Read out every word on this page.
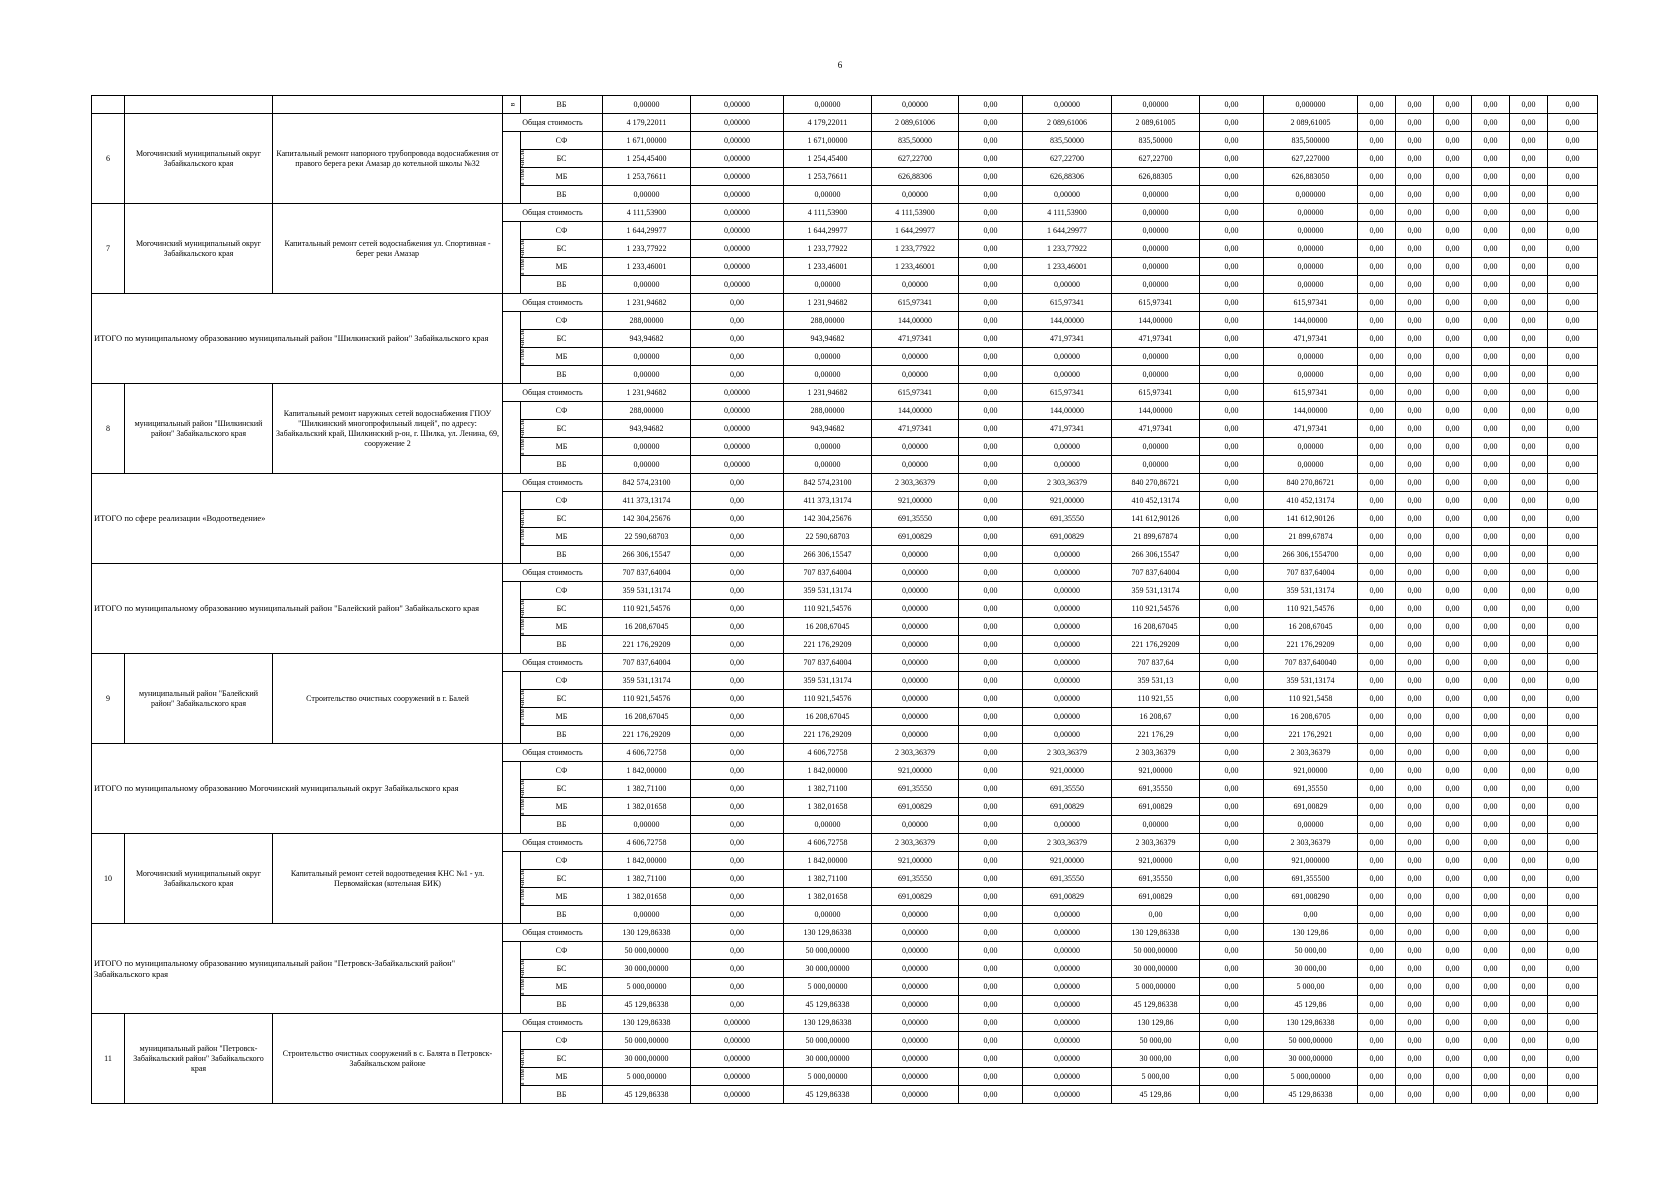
6
			в	ВБ	0,00000	0,00000	0,00000	0,00000	0,00	0,00000	0,00000	0,00	0,000000	0,00	0,00	0,00	0,00	0,00	0,00
6	Могочинский муниципальный округ Забайкальского края	Капитальный ремонт напорного трубопровода водоснабжения от правого берега реки Амазар до котельной школы №32	Общая стоимость		4 179,22011	0,00000	4 179,22011	2 089,61006	0,00	2 089,61006	2 089,61005	0,00	2 089,61005	0,00	0,00	0,00	0,00	0,00	0,00
			в том числе	СФ	1 671,00000	0,00000	1 671,00000	835,50000	0,00	835,50000	835,50000	0,00	835,500000	0,00	0,00	0,00	0,00	0,00	0,00
				БС	1 254,45400	0,00000	1 254,45400	627,22700	0,00	627,22700	627,22700	0,00	627,227000	0,00	0,00	0,00	0,00	0,00	0,00
				МБ	1 253,76611	0,00000	1 253,76611	626,88306	0,00	626,88306	626,88305	0,00	626,883050	0,00	0,00	0,00	0,00	0,00	0,00
				ВБ	0,00000	0,00000	0,00000	0,00000	0,00	0,00000	0,00000	0,00	0,000000	0,00	0,00	0,00	0,00	0,00	0,00
7	Могочинский муниципальный округ Забайкальского края	Капитальный ремонт сетей водоснабжения ул. Спортивная - берег реки Амазар	Общая стоимость		4 111,53900	0,00000	4 111,53900	4 111,53900	0,00	4 111,53900	0,00000	0,00	0,00000	0,00	0,00	0,00	0,00	0,00	0,00
			в том числе	СФ	1 644,29977	0,00000	1 644,29977	1 644,29977	0,00	1 644,29977	0,00000	0,00	0,00000	0,00	0,00	0,00	0,00	0,00	0,00
				БС	1 233,77922	0,00000	1 233,77922	1 233,77922	0,00	1 233,77922	0,00000	0,00	0,00000	0,00	0,00	0,00	0,00	0,00	0,00
				МБ	1 233,46001	0,00000	1 233,46001	1 233,46001	0,00	1 233,46001	0,00000	0,00	0,00000	0,00	0,00	0,00	0,00	0,00	0,00
				ВБ	0,00000	0,00000	0,00000	0,00000	0,00	0,00000	0,00000	0,00	0,00000	0,00	0,00	0,00	0,00	0,00	0,00
ИТОГО по муниципальному образованию муниципальный район "Шилкинский район" Забайкальского края			Общая стоимость		1 231,94682	0,00	1 231,94682	615,97341	0,00	615,97341	615,97341	0,00	615,97341	0,00	0,00	0,00	0,00	0,00	0,00
			в том числе	СФ	288,00000	0,00	288,00000	144,00000	0,00	144,00000	144,00000	0,00	144,00000	0,00	0,00	0,00	0,00	0,00	0,00
				БС	943,94682	0,00	943,94682	471,97341	0,00	471,97341	471,97341	0,00	471,97341	0,00	0,00	0,00	0,00	0,00	0,00
				МБ	0,00000	0,00	0,00000	0,00000	0,00	0,00000	0,00000	0,00	0,00000	0,00	0,00	0,00	0,00	0,00	0,00
				ВБ	0,00000	0,00	0,00000	0,00000	0,00	0,00000	0,00000	0,00	0,00000	0,00	0,00	0,00	0,00	0,00	0,00
8	муниципальный район "Шилкинский район" Забайкальского края	Капитальный ремонт наружных сетей водоснабжения ГПОУ "Шилкинский многопрофильный лицей", по адресу: Забайкальский край, Шилкинский р-он, г. Шилка, ул. Ленина, 69, сооружение 2	Общая стоимость		1 231,94682	0,00000	1 231,94682	615,97341	0,00	615,97341	615,97341	0,00	615,97341	0,00	0,00	0,00	0,00	0,00	0,00
			в том числе	СФ	288,00000	0,00000	288,00000	144,00000	0,00	144,00000	144,00000	0,00	144,00000	0,00	0,00	0,00	0,00	0,00	0,00
				БС	943,94682	0,00000	943,94682	471,97341	0,00	471,97341	471,97341	0,00	471,97341	0,00	0,00	0,00	0,00	0,00	0,00
				МБ	0,00000	0,00000	0,00000	0,00000	0,00	0,00000	0,00000	0,00	0,00000	0,00	0,00	0,00	0,00	0,00	0,00
				ВБ	0,00000	0,00000	0,00000	0,00000	0,00	0,00000	0,00000	0,00	0,00000	0,00	0,00	0,00	0,00	0,00	0,00
ИТОГО по сфере реализации «Водоотведение»			Общая стоимость		842 574,23100	0,00	842 574,23100	2 303,36379	0,00	2 303,36379	840 270,86721	0,00	840 270,86721	0,00	0,00	0,00	0,00	0,00	0,00
			в том числе	СФ	411 373,13174	0,00	411 373,13174	921,00000	0,00	921,00000	410 452,13174	0,00	410 452,13174	0,00	0,00	0,00	0,00	0,00	0,00
				БС	142 304,25676	0,00	142 304,25676	691,35550	0,00	691,35550	141 612,90126	0,00	141 612,90126	0,00	0,00	0,00	0,00	0,00	0,00
				МБ	22 590,68703	0,00	22 590,68703	691,00829	0,00	691,00829	21 899,67874	0,00	21 899,67874	0,00	0,00	0,00	0,00	0,00	0,00
				ВБ	266 306,15547	0,00	266 306,15547	0,00000	0,00	0,00000	266 306,15547	0,00	266 306,1554700	0,00	0,00	0,00	0,00	0,00	0,00
ИТОГО по муниципальному образованию муниципальный район "Балейский район" Забайкальского края			Общая стоимость		707 837,64004	0,00	707 837,64004	0,00000	0,00	0,00000	707 837,64004	0,00	707 837,64004	0,00	0,00	0,00	0,00	0,00	0,00
			в том числе	СФ	359 531,13174	0,00	359 531,13174	0,00000	0,00	0,00000	359 531,13174	0,00	359 531,13174	0,00	0,00	0,00	0,00	0,00	0,00
				БС	110 921,54576	0,00	110 921,54576	0,00000	0,00	0,00000	110 921,54576	0,00	110 921,54576	0,00	0,00	0,00	0,00	0,00	0,00
				МБ	16 208,67045	0,00	16 208,67045	0,00000	0,00	0,00000	16 208,67045	0,00	16 208,67045	0,00	0,00	0,00	0,00	0,00	0,00
				ВБ	221 176,29209	0,00	221 176,29209	0,00000	0,00	0,00000	221 176,29209	0,00	221 176,29209	0,00	0,00	0,00	0,00	0,00	0,00
9	муниципальный район "Балейский район" Забайкальского края	Строительство очистных сооружений в г. Балей	Общая стоимость		707 837,64004	0,00	707 837,64004	0,00000	0,00	0,00000	707 837,64	0,00	707 837,640040	0,00	0,00	0,00	0,00	0,00	0,00
			в том числе	СФ	359 531,13174	0,00	359 531,13174	0,00000	0,00	0,00000	359 531,13	0,00	359 531,13174	0,00	0,00	0,00	0,00	0,00	0,00
				БС	110 921,54576	0,00	110 921,54576	0,00000	0,00	0,00000	110 921,55	0,00	110 921,5458	0,00	0,00	0,00	0,00	0,00	0,00
				МБ	16 208,67045	0,00	16 208,67045	0,00000	0,00	0,00000	16 208,67	0,00	16 208,6705	0,00	0,00	0,00	0,00	0,00	0,00
				ВБ	221 176,29209	0,00	221 176,29209	0,00000	0,00	0,00000	221 176,29	0,00	221 176,2921	0,00	0,00	0,00	0,00	0,00	0,00
ИТОГО по муниципальному образованию Могочинский муниципальный округ Забайкальского края			Общая стоимость		4 606,72758	0,00	4 606,72758	2 303,36379	0,00	2 303,36379	2 303,36379	0,00	2 303,36379	0,00	0,00	0,00	0,00	0,00	0,00
			в том числе	СФ	1 842,00000	0,00	1 842,00000	921,00000	0,00	921,00000	921,00000	0,00	921,00000	0,00	0,00	0,00	0,00	0,00	0,00
				БС	1 382,71100	0,00	1 382,71100	691,35550	0,00	691,35550	691,35550	0,00	691,35550	0,00	0,00	0,00	0,00	0,00	0,00
				МБ	1 382,01658	0,00	1 382,01658	691,00829	0,00	691,00829	691,00829	0,00	691,00829	0,00	0,00	0,00	0,00	0,00	0,00
				ВБ	0,00000	0,00	0,00000	0,00000	0,00	0,00000	0,00000	0,00	0,00000	0,00	0,00	0,00	0,00	0,00	0,00
10	Могочинский муниципальный округ Забайкальского края	Капитальный ремонт сетей водоотведения КНС №1 - ул. Первомайская (котельная БИК)	Общая стоимость		4 606,72758	0,00	4 606,72758	2 303,36379	0,00	2 303,36379	2 303,36379	0,00	2 303,36379	0,00	0,00	0,00	0,00	0,00	0,00
			в том числе	СФ	1 842,00000	0,00	1 842,00000	921,00000	0,00	921,00000	921,00000	0,00	921,000000	0,00	0,00	0,00	0,00	0,00	0,00
				БС	1 382,71100	0,00	1 382,71100	691,35550	0,00	691,35550	691,35550	0,00	691,355500	0,00	0,00	0,00	0,00	0,00	0,00
				МБ	1 382,01658	0,00	1 382,01658	691,00829	0,00	691,00829	691,00829	0,00	691,008290	0,00	0,00	0,00	0,00	0,00	0,00
				ВБ	0,00000	0,00	0,00000	0,00000	0,00	0,00000	0,00	0,00	0,00	0,00	0,00	0,00	0,00	0,00	0,00
ИТОГО по муниципальному образованию муниципальный район "Петровск-Забайкальский район" Забайкальского края			Общая стоимость		130 129,86338	0,00	130 129,86338	0,00000	0,00	0,00000	130 129,86338	0,00	130 129,86	0,00	0,00	0,00	0,00	0,00	0,00
			в том числе	СФ	50 000,00000	0,00	50 000,00000	0,00000	0,00	0,00000	50 000,00000	0,00	50 000,00	0,00	0,00	0,00	0,00	0,00	0,00
				БС	30 000,00000	0,00	30 000,00000	0,00000	0,00	0,00000	30 000,00000	0,00	30 000,00	0,00	0,00	0,00	0,00	0,00	0,00
				МБ	5 000,00000	0,00	5 000,00000	0,00000	0,00	0,00000	5 000,00000	0,00	5 000,00	0,00	0,00	0,00	0,00	0,00	0,00
				ВБ	45 129,86338	0,00	45 129,86338	0,00000	0,00	0,00000	45 129,86338	0,00	45 129,86	0,00	0,00	0,00	0,00	0,00	0,00
11	муниципальный район "Петровск-Забайкальский район" Забайкальского края	Строительство очистных сооружений в с. Балята в Петровск-Забайкальском районе	Общая стоимость		130 129,86338	0,00000	130 129,86338	0,00000	0,00	0,00000	130 129,86	0,00	130 129,86338	0,00	0,00	0,00	0,00	0,00	0,00
			в том числе	СФ	50 000,00000	0,00000	50 000,00000	0,00000	0,00	0,00000	50 000,00	0,00	50 000,00000	0,00	0,00	0,00	0,00	0,00	0,00
				БС	30 000,00000	0,00000	30 000,00000	0,00000	0,00	0,00000	30 000,00	0,00	30 000,00000	0,00	0,00	0,00	0,00	0,00	0,00
				МБ	5 000,00000	0,00000	5 000,00000	0,00000	0,00	0,00000	5 000,00	0,00	5 000,00000	0,00	0,00	0,00	0,00	0,00	0,00
				ВБ	45 129,86338	0,00000	45 129,86338	0,00000	0,00	0,00000	45 129,86	0,00	45 129,86338	0,00	0,00	0,00	0,00	0,00	0,00
